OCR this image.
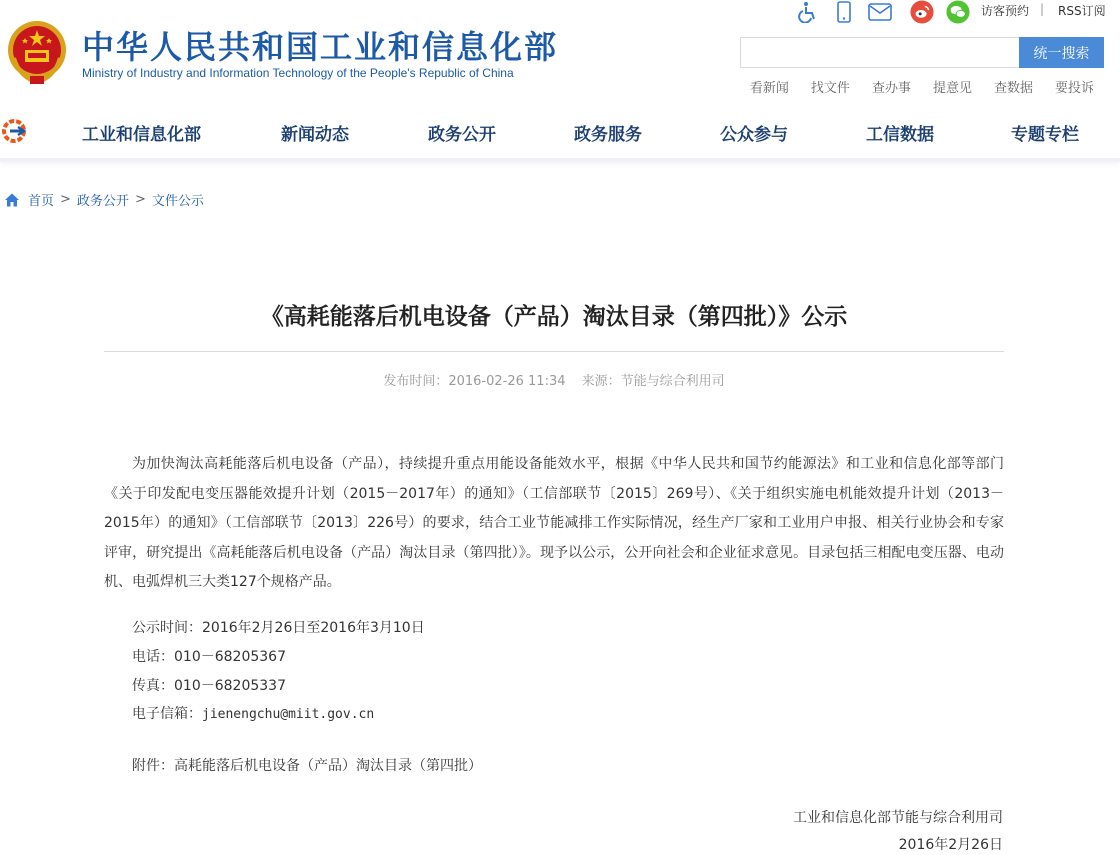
中华人民共和国工业和信息化部
Ministry of Industry and Information Technology of the People's Republic of China
访客预约 | RSS订阅
统一搜索
看新闻 找文件 查办事 提意见 查数据 要投诉
工业和信息化部	新闻动态	政务公开	政务服务	公众参与	工信数据	专题专栏
首页 > 政务公开 > 文件公示
《高耗能落后机电设备（产品）淘汰目录（第四批）》公示
发布时间：2016-02-26 11:34 来源：节能与综合利用司

为加快淘汰高耗能落后机电设备（产品），持续提升重点用能设备能效水平，根据《中华人民共和国节约能源法》和工业和信息化部等部门《关于印发配电变压器能效提升计划（2015－2017年）的通知》（工信部联节〔2015〕269号）、《关于组织实施电机能效提升计划（2013－2015年）的通知》（工信部联节〔2013〕226号）的要求，结合工业节能减排工作实际情况，经生产厂家和工业用户申报、相关行业协会和专家评审，研究提出《高耗能落后机电设备（产品）淘汰目录（第四批）》。现予以公示，公开向社会和企业征求意见。目录包括三相配电变压器、电动机、电弧焊机三大类127个规格产品。

公示时间：2016年2月26日至2016年3月10日
电话：010－68205367
传真：010－68205337
电子信箱：jienengchu@miit.gov.cn
附件：高耗能落后机电设备（产品）淘汰目录（第四批）
工业和信息化部节能与综合利用司
2016年2月26日
